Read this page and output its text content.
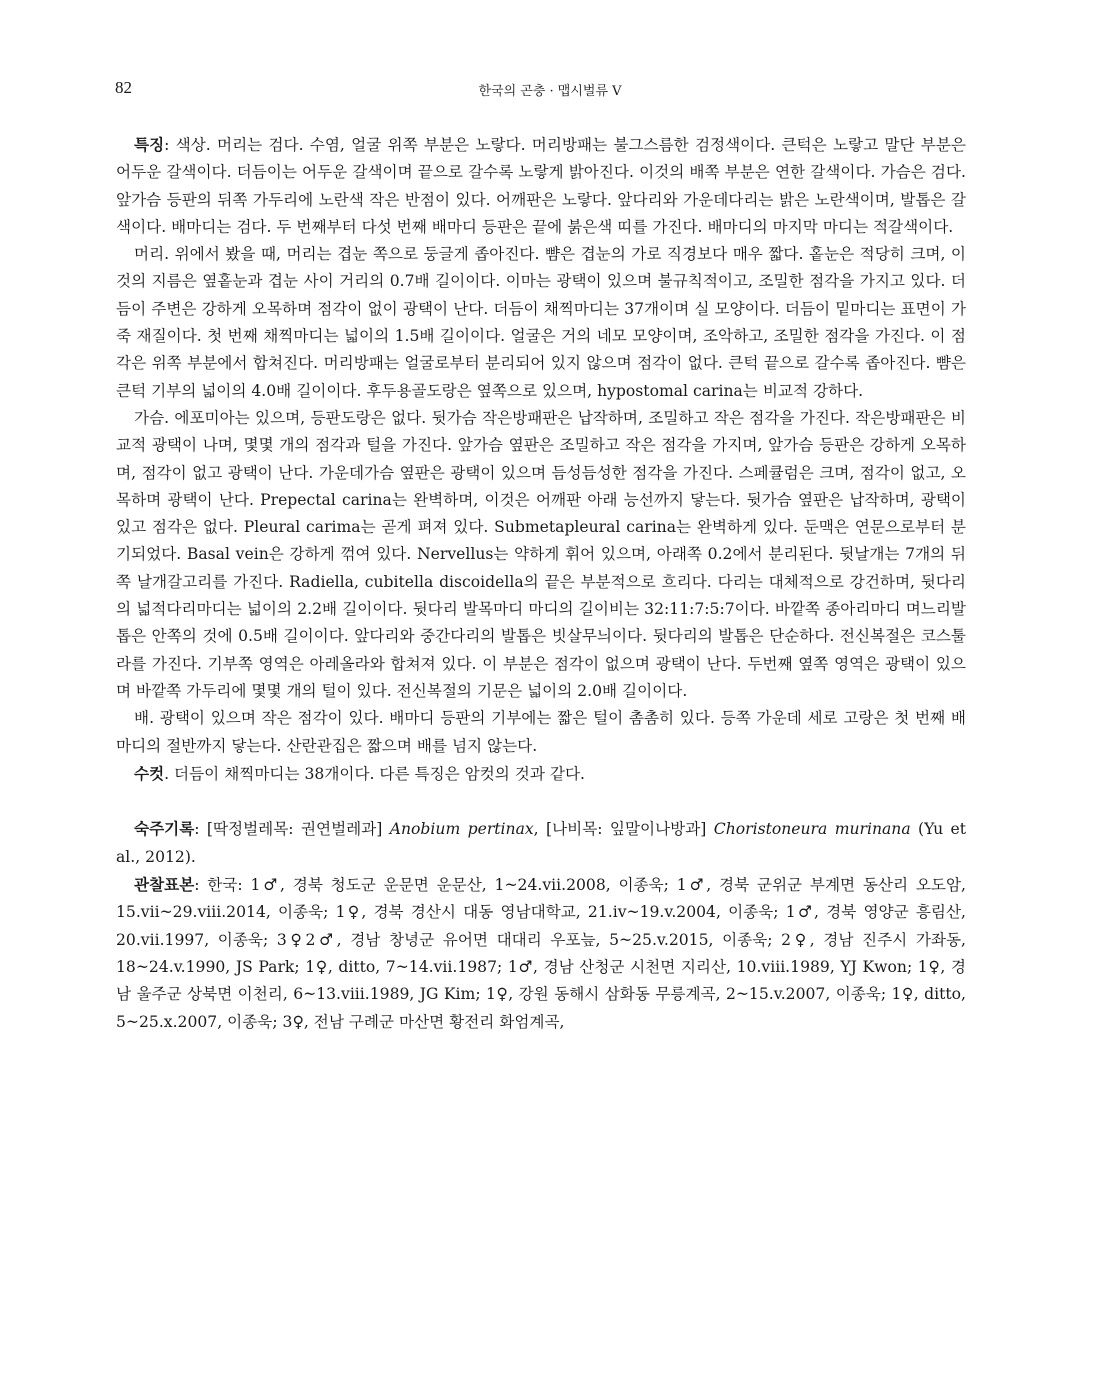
82	한국의 곤충 · 맵시벌류 V

특징: 색상. 머리는 검다. 수염, 얼굴 위쪽 부분은 노랗다. 머리방패는 불그스름한 검정색이다. 큰턱은 노랗고 말단 부분은 어두운 갈색이다. 더듬이는 어두운 갈색이며 끝으로 갈수록 노랗게 밝아진다. 이것의 배쪽 부분은 연한 갈색이다. 가슴은 검다. 앞가슴 등판의 뒤쪽 가두리에 노란색 작은 반점이 있다. 어깨판은 노랗다. 앞다리와 가운데다리는 밝은 노란색이며, 발톱은 갈색이다. 배마디는 검다. 두 번째부터 다섯 번째 배마디 등판은 끝에 붉은색 띠를 가진다. 배마디의 마지막 마디는 적갈색이다.

머리. 위에서 봤을 때, 머리는 겹눈 쪽으로 둥글게 좁아진다. 뺨은 겹눈의 가로 직경보다 매우 짧다. 홑눈은 적당히 크며, 이것의 지름은 옆홑눈과 겹눈 사이 거리의 0.7배 길이이다. 이마는 광택이 있으며 불규칙적이고, 조밀한 점각을 가지고 있다. 더듬이 주변은 강하게 오목하며 점각이 없이 광택이 난다. 더듬이 채찍마디는 37개이며 실 모양이다. 더듬이 밑마디는 표면이 가죽 재질이다. 첫 번째 채찍마디는 넓이의 1.5배 길이이다. 얼굴은 거의 네모 모양이며, 조악하고, 조밀한 점각을 가진다. 이 점각은 위쪽 부분에서 합쳐진다. 머리방패는 얼굴로부터 분리되어 있지 않으며 점각이 없다. 큰턱 끝으로 갈수록 좁아진다. 뺨은 큰턱 기부의 넓이의 4.0배 길이이다. 후두용골도랑은 옆쪽으로 있으며, hypostomal carina는 비교적 강하다.

가슴. 에포미아는 있으며, 등판도랑은 없다. 뒷가슴 작은방패판은 납작하며, 조밀하고 작은 점각을 가진다. 작은방패판은 비교적 광택이 나며, 몇몇 개의 점각과 털을 가진다. 앞가슴 옆판은 조밀하고 작은 점각을 가지며, 앞가슴 등판은 강하게 오목하며, 점각이 없고 광택이 난다. 가운데가슴 옆판은 광택이 있으며 듬성듬성한 점각을 가진다. 스페큘럼은 크며, 점각이 없고, 오목하며 광택이 난다. Prepectal carina는 완벽하며, 이것은 어깨판 아래 능선까지 닿는다. 뒷가슴 옆판은 납작하며, 광택이 있고 점각은 없다. Pleural carima는 곧게 펴져 있다. Submetapleural carina는 완벽하게 있다. 둔맥은 연문으로부터 분기되었다. Basal vein은 강하게 꺾여 있다. Nervellus는 약하게 휘어 있으며, 아래쪽 0.2에서 분리된다. 뒷날개는 7개의 뒤쪽 날개갈고리를 가진다. Radiella, cubitella discoidella의 끝은 부분적으로 흐리다. 다리는 대체적으로 강건하며, 뒷다리의 넓적다리마디는 넓이의 2.2배 길이이다. 뒷다리 발목마디 마디의 길이비는 32:11:7:5:7이다. 바깥쪽 종아리마디 며느리발톱은 안쪽의 것에 0.5배 길이이다. 앞다리와 중간다리의 발톱은 빗살무늬이다. 뒷다리의 발톱은 단순하다. 전신복절은 코스툴라를 가진다. 기부쪽 영역은 아레올라와 합쳐져 있다. 이 부분은 점각이 없으며 광택이 난다. 두번째 옆쪽 영역은 광택이 있으며 바깥쪽 가두리에 몇몇 개의 털이 있다. 전신복절의 기문은 넓이의 2.0배 길이이다.

배. 광택이 있으며 작은 점각이 있다. 배마디 등판의 기부에는 짧은 털이 촘촘히 있다. 등쪽 가운데 세로 고랑은 첫 번째 배마디의 절반까지 닿는다. 산란관집은 짧으며 배를 넘지 않는다.

수컷. 더듬이 채찍마디는 38개이다. 다른 특징은 암컷의 것과 같다.

숙주기록: [딱정벌레목: 권연벌레과] Anobium pertinax, [나비목: 잎말이나방과] Choristoneura murinana (Yu et al., 2012).

관찰표본: 한국: 1♂, 경북 청도군 운문면 운문산, 1~24.vii.2008, 이종욱; 1♂, 경북 군위군 부계면 동산리 오도암, 15.vii~29.viii.2014, 이종욱; 1♀, 경북 경산시 대동 영남대학교, 21.iv~19.v.2004, 이종욱; 1♂, 경북 영양군 흥림산, 20.vii.1997, 이종욱; 3♀2♂, 경남 창녕군 유어면 대대리 우포늪, 5~25.v.2015, 이종욱; 2♀, 경남 진주시 가좌동, 18~24.v.1990, JS Park; 1♀, ditto, 7~14.vii.1987; 1♂, 경남 산청군 시천면 지리산, 10.viii.1989, YJ Kwon; 1♀, 경남 울주군 상북면 이천리, 6~13.viii.1989, JG Kim; 1♀, 강원 동해시 삼화동 무릉계곡, 2~15.v.2007, 이종욱; 1♀, ditto, 5~25.x.2007, 이종욱; 3♀, 전남 구례군 마산면 황전리 화엄계곡,
